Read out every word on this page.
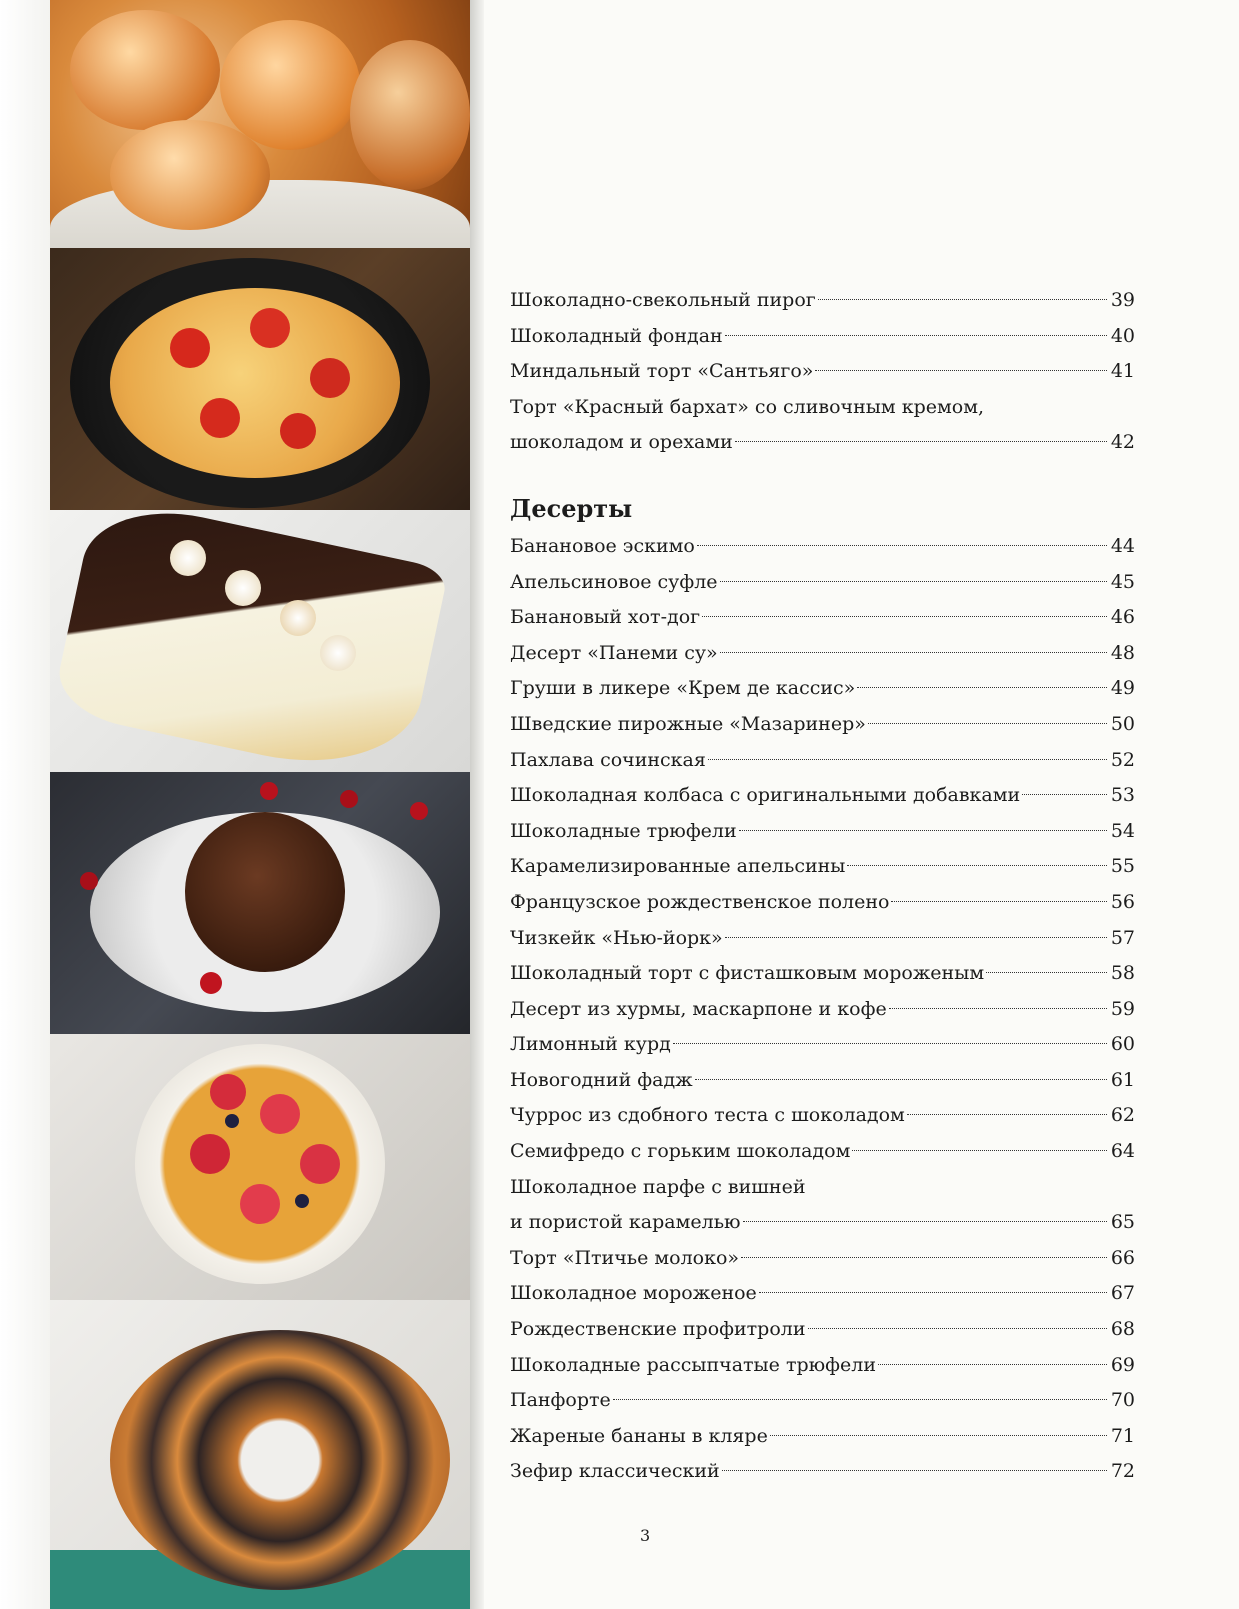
Шоколадно-свекольный пирог	39
Шоколадный фондан	40
Миндальный торт «Сантьяго»	41
Торт «Красный бархат» со сливочным кремом,
шоколадом и орехами	42
Десерты
Банановое эскимо	44
Апельсиновое суфле	45
Банановый хот-дог	46
Десерт «Панеми су»	48
Груши в ликере «Крем де кассис»	49
Шведские пирожные «Мазаринер»	50
Пахлава сочинская	52
Шоколадная колбаса с оригинальными добавками	53
Шоколадные трюфели	54
Карамелизированные апельсины	55
Французское рождественское полено	56
Чизкейк «Нью-йорк»	57
Шоколадный торт с фисташковым мороженым	58
Десерт из хурмы, маскарпоне и кофе	59
Лимонный курд	60
Новогодний фадж	61
Чуррос из сдобного теста с шоколадом	62
Семифредо с горьким шоколадом	64
Шоколадное парфе с вишней
и пористой карамелью	65
Торт «Птичье молоко»	66
Шоколадное мороженое	67
Рождественские профитроли	68
Шоколадные рассыпчатые трюфели	69
Панфорте	70
Жареные бананы в кляре	71
Зефир классический	72
3
